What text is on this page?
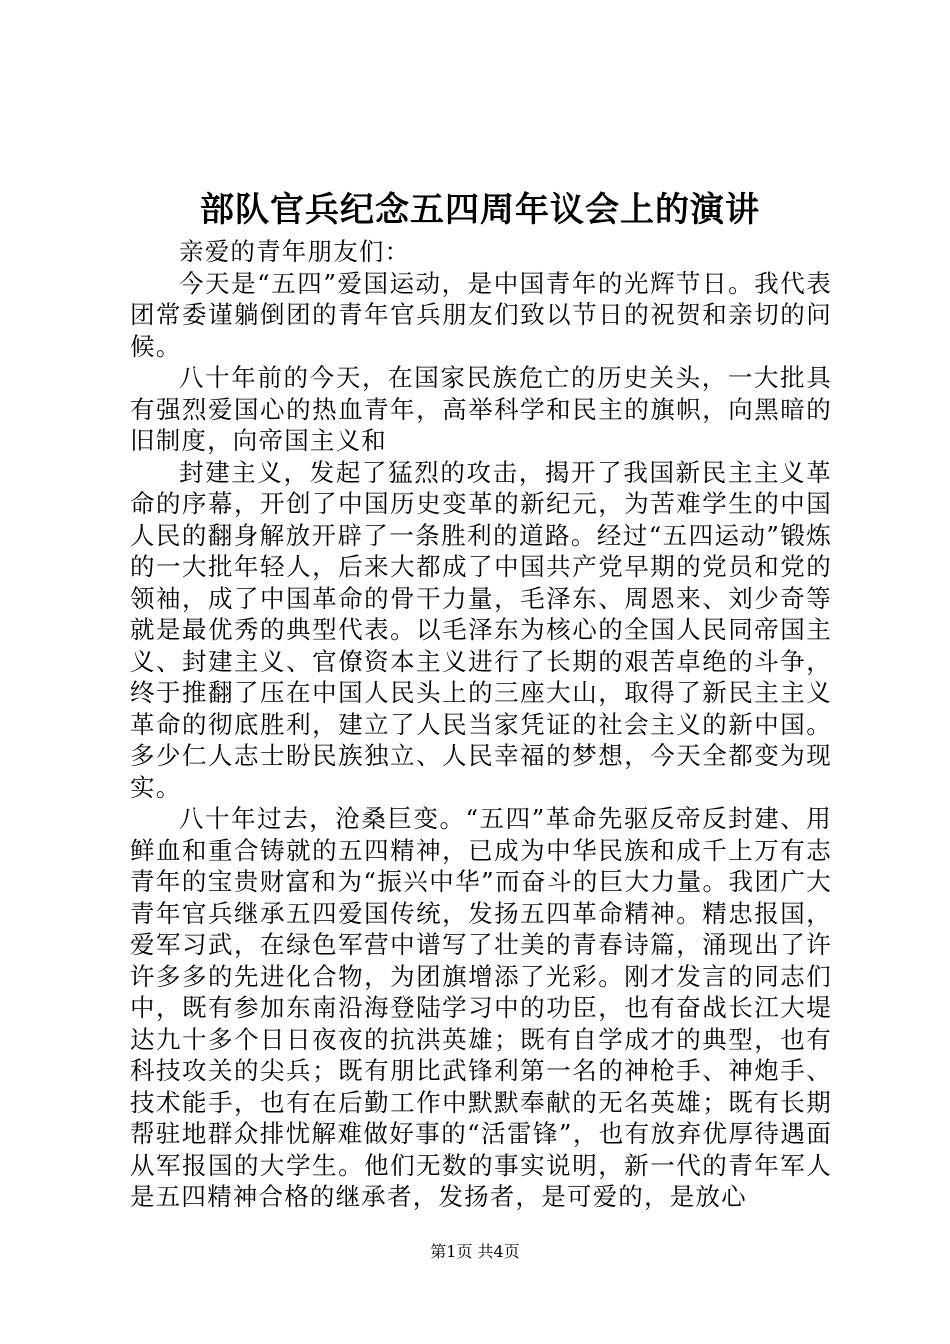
部队官兵纪念五四周年议会上的演讲

亲爱的青年朋友们：

今天是“五四”爱国运动，是中国青年的光辉节日。我代表团常委谨躺倒团的青年官兵朋友们致以节日的祝贺和亲切的问候。

八十年前的今天，在国家民族危亡的历史关头，一大批具有强烈爱国心的热血青年，高举科学和民主的旗帜，向黑暗的旧制度，向帝国主义和

封建主义，发起了猛烈的攻击，揭开了我国新民主主义革命的序幕，开创了中国历史变革的新纪元，为苦难学生的中国人民的翻身解放开辟了一条胜利的道路。经过“五四运动”锻炼的一大批年轻人，后来大都成了中国共产党早期的党员和党的领袖，成了中国革命的骨干力量，毛泽东、周恩来、刘少奇等就是最优秀的典型代表。以毛泽东为核心的全国人民同帝国主义、封建主义、官僚资本主义进行了长期的艰苦卓绝的斗争，终于推翻了压在中国人民头上的三座大山，取得了新民主主义革命的彻底胜利，建立了人民当家凭证的社会主义的新中国。多少仁人志士盼民族独立、人民幸福的梦想，今天全都变为现实。

八十年过去，沧桑巨变。“五四”革命先驱反帝反封建、用鲜血和重合铸就的五四精神，已成为中华民族和成千上万有志青年的宝贵财富和为“振兴中华”而奋斗的巨大力量。我团广大青年官兵继承五四爱国传统，发扬五四革命精神。精忠报国，爱军习武，在绿色军营中谱写了壮美的青春诗篇，涌现出了许许多多的先进化合物，为团旗增添了光彩。刚才发言的同志们中，既有参加东南沿海登陆学习中的功臣，也有奋战长江大堤达九十多个日日夜夜的抗洪英雄；既有自学成才的典型，也有科技攻关的尖兵；既有朋比武锋利第一名的神枪手、神炮手、技术能手，也有在后勤工作中默默奉献的无名英雄；既有长期帮驻地群众排忧解难做好事的“活雷锋”，也有放弃优厚待遇面从军报国的大学生。他们无数的事实说明，新一代的青年军人是五四精神合格的继承者，发扬者，是可爱的，是放心

第1页 共4页
